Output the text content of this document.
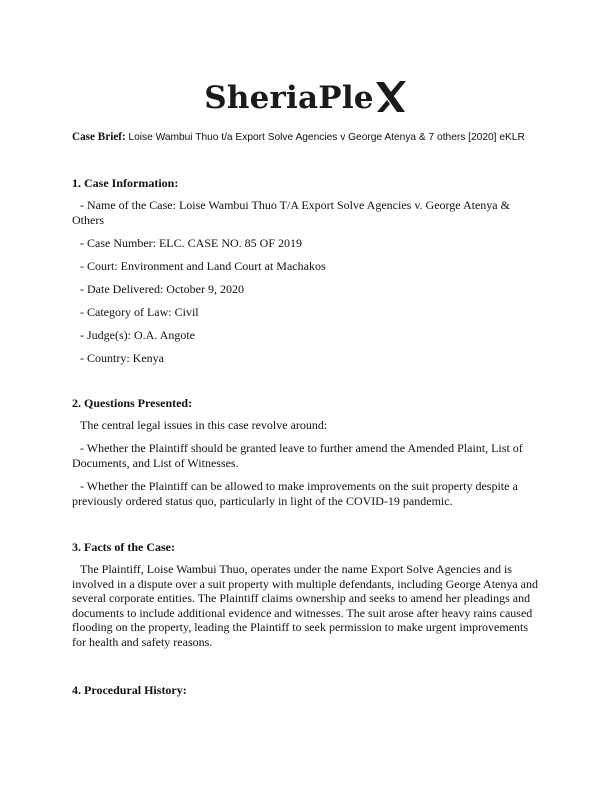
SheriaPle
Case Brief: Loise Wambui Thuo t/a Export Solve Agencies v George Atenya & 7 others [2020] eKLR
1. Case Information:
- Name of the Case: Loise Wambui Thuo T/A Export Solve Agencies v. George Atenya & Others
- Case Number: ELC. CASE NO. 85 OF 2019
- Court: Environment and Land Court at Machakos
- Date Delivered: October 9, 2020
- Category of Law: Civil
- Judge(s): O.A. Angote
- Country: Kenya
2. Questions Presented:
The central legal issues in this case revolve around:
- Whether the Plaintiff should be granted leave to further amend the Amended Plaint, List of Documents, and List of Witnesses.
- Whether the Plaintiff can be allowed to make improvements on the suit property despite a previously ordered status quo, particularly in light of the COVID-19 pandemic.
3. Facts of the Case:
The Plaintiff, Loise Wambui Thuo, operates under the name Export Solve Agencies and is involved in a dispute over a suit property with multiple defendants, including George Atenya and several corporate entities. The Plaintiff claims ownership and seeks to amend her pleadings and documents to include additional evidence and witnesses. The suit arose after heavy rains caused flooding on the property, leading the Plaintiff to seek permission to make urgent improvements for health and safety reasons.
4. Procedural History:
